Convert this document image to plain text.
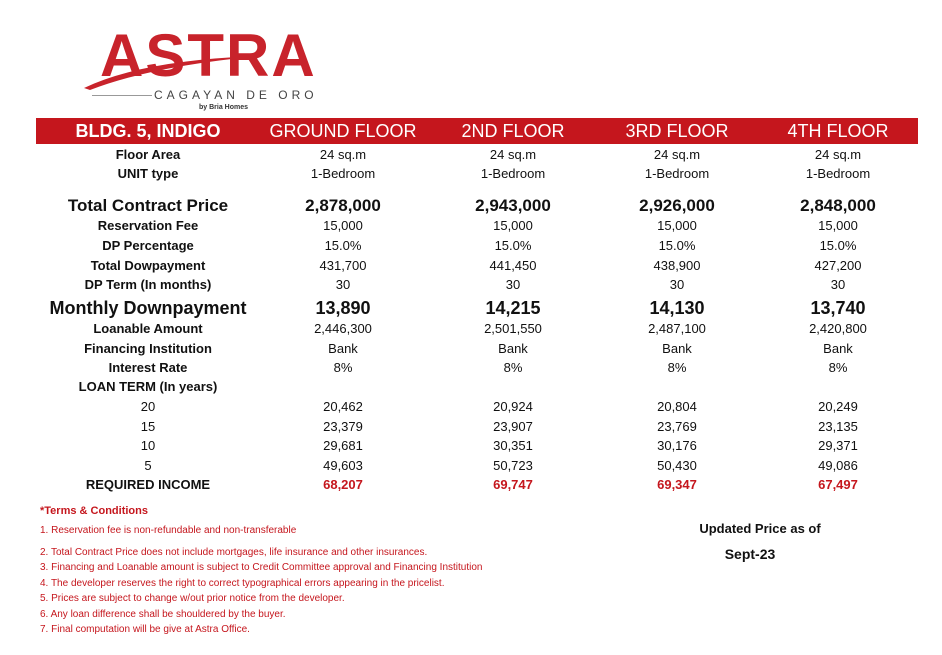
ASTRA
CAGAYAN DE ORO
by Bria Homes
BLDG. 5, INDIGO	GROUND FLOOR	2ND FLOOR	3RD FLOOR	4TH FLOOR
Floor Area	24 sq.m	24 sq.m	24 sq.m	24 sq.m
UNIT type	1-Bedroom	1-Bedroom	1-Bedroom	1-Bedroom
Total Contract Price	2,878,000	2,943,000	2,926,000	2,848,000
Reservation Fee	15,000	15,000	15,000	15,000
DP Percentage	15.0%	15.0%	15.0%	15.0%
Total Dowpayment	431,700	441,450	438,900	427,200
DP Term (In months)	30	30	30	30
Monthly Downpayment	13,890	14,215	14,130	13,740
Loanable Amount	2,446,300	2,501,550	2,487,100	2,420,800
Financing Institution	Bank	Bank	Bank	Bank
Interest Rate	8%	8%	8%	8%
LOAN TERM (In years)
20	20,462	20,924	20,804	20,249
15	23,379	23,907	23,769	23,135
10	29,681	30,351	30,176	29,371
5	49,603	50,723	50,430	49,086
REQUIRED INCOME	68,207	69,747	69,347	67,497
*Terms & Conditions
1. Reservation fee is non-refundable and non-transferable
2. Total Contract Price does not include mortgages, life insurance and other insurances.
3. Financing and Loanable amount is subject to Credit Committee approval and Financing Institution
4. The developer reserves the right to correct typographical errors appearing in the pricelist.
5. Prices are subject to change w/out prior notice from the developer.
6. Any loan difference shall be shouldered by the buyer.
7. Final computation will be give at Astra Office.
Updated Price as of
Sept-23
